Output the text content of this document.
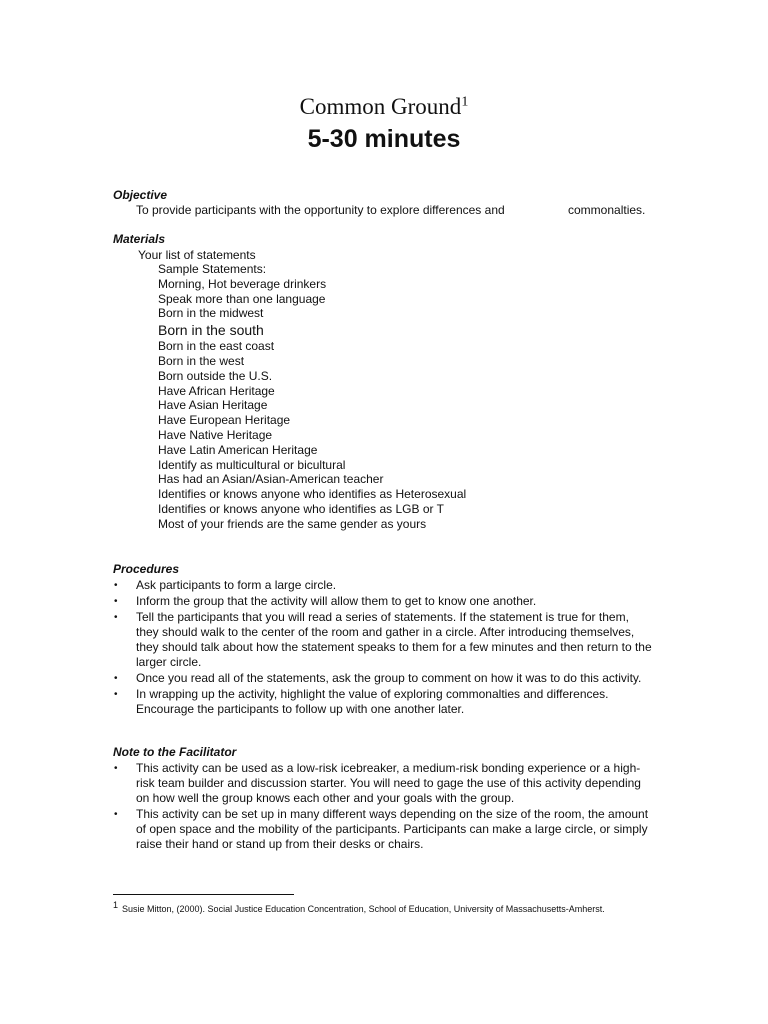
Common Ground$^1$
5-30 minutes
Objective
To provide participants with the opportunity to explore differences and	commonalties.
Materials
Your list of statements
Sample Statements:
Morning, Hot beverage drinkers
Speak more than one language
Born in the midwest
Born in the south
Born in the east coast
Born in the west
Born outside the U.S.
Have African Heritage
Have Asian Heritage
Have European Heritage
Have Native Heritage
Have Latin American Heritage
Identify as multicultural or bicultural
Has had an Asian/Asian-American teacher
Identifies or knows anyone who identifies as Heterosexual
Identifies or knows anyone who identifies as LGB or T
Most of your friends are the same gender as yours
Procedures
• Ask participants to form a large circle.
• Inform the group that the activity will allow them to get to know one another.
• Tell the participants that you will read a series of statements. If the statement is true for them, they should walk to the center of the room and gather in a circle. After introducing themselves, they should talk about how the statement speaks to them for a few minutes and then return to the larger circle.
• Once you read all of the statements, ask the group to comment on how it was to do this activity.
• In wrapping up the activity, highlight the value of exploring commonalties and differences. Encourage the participants to follow up with one another later.
Note to the Facilitator
• This activity can be used as a low-risk icebreaker, a medium-risk bonding experience or a high-risk team builder and discussion starter. You will need to gage the use of this activity depending on how well the group knows each other and your goals with the group.
• This activity can be set up in many different ways depending on the size of the room, the amount of open space and the mobility of the participants. Participants can make a large circle, or simply raise their hand or stand up from their desks or chairs.
$^1$ Susie Mitton, (2000). Social Justice Education Concentration, School of Education, University of Massachusetts-Amherst.
